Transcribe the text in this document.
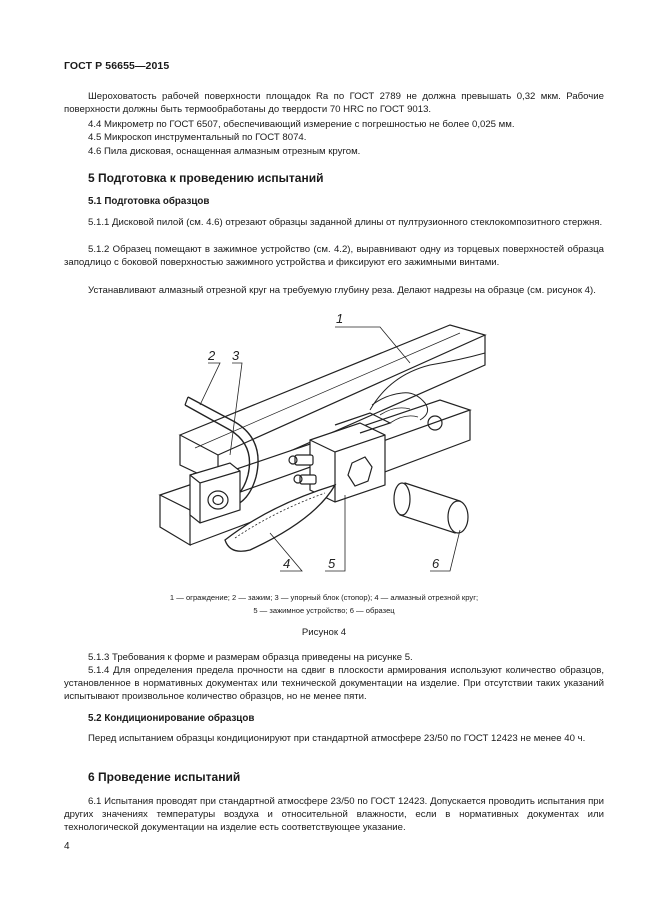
ГОСТ Р 56655—2015
Шероховатость рабочей поверхности площадок Ra по ГОСТ 2789 не должна превышать 0,32 мкм. Рабочие поверхности должны быть термообработаны до твердости 70 HRC по ГОСТ 9013.
4.4 Микрометр по ГОСТ 6507, обеспечивающий измерение с погрешностью не более 0,025 мм.
4.5 Микроскоп инструментальный по ГОСТ 8074.
4.6 Пила дисковая, оснащенная алмазным отрезным кругом.
5 Подготовка к проведению испытаний
5.1 Подготовка образцов
5.1.1 Дисковой пилой (см. 4.6) отрезают образцы заданной длины от пултрузионного стеклокомпозитного стержня.
5.1.2 Образец помещают в зажимное устройство (см. 4.2), выравнивают одну из торцевых поверхностей образца заподлицо с боковой поверхностью зажимного устройства и фиксируют его зажимными винтами.
Устанавливают алмазный отрезной круг на требуемую глубину реза. Делают надрезы на образце (см. рисунок 4).
1
2 3
4	5	6
1 — ограждение; 2 — зажим; 3 — упорный блок (стопор); 4 — алмазный отрезной круг;
5 — зажимное устройство; 6 — образец
Рисунок 4
5.1.3 Требования к форме и размерам образца приведены на рисунке 5.
5.1.4 Для определения предела прочности на сдвиг в плоскости армирования используют количество образцов, установленное в нормативных документах или технической документации на изделие. При отсутствии таких указаний испытывают произвольное количество образцов, но не менее пяти.
5.2 Кондиционирование образцов
Перед испытанием образцы кондиционируют при стандартной атмосфере 23/50 по ГОСТ 12423 не менее 40 ч.
6 Проведение испытаний
6.1 Испытания проводят при стандартной атмосфере 23/50 по ГОСТ 12423. Допускается проводить испытания при других значениях температуры воздуха и относительной влажности, если в нормативных документах или технологической документации на изделие есть соответствующее указание.
4
